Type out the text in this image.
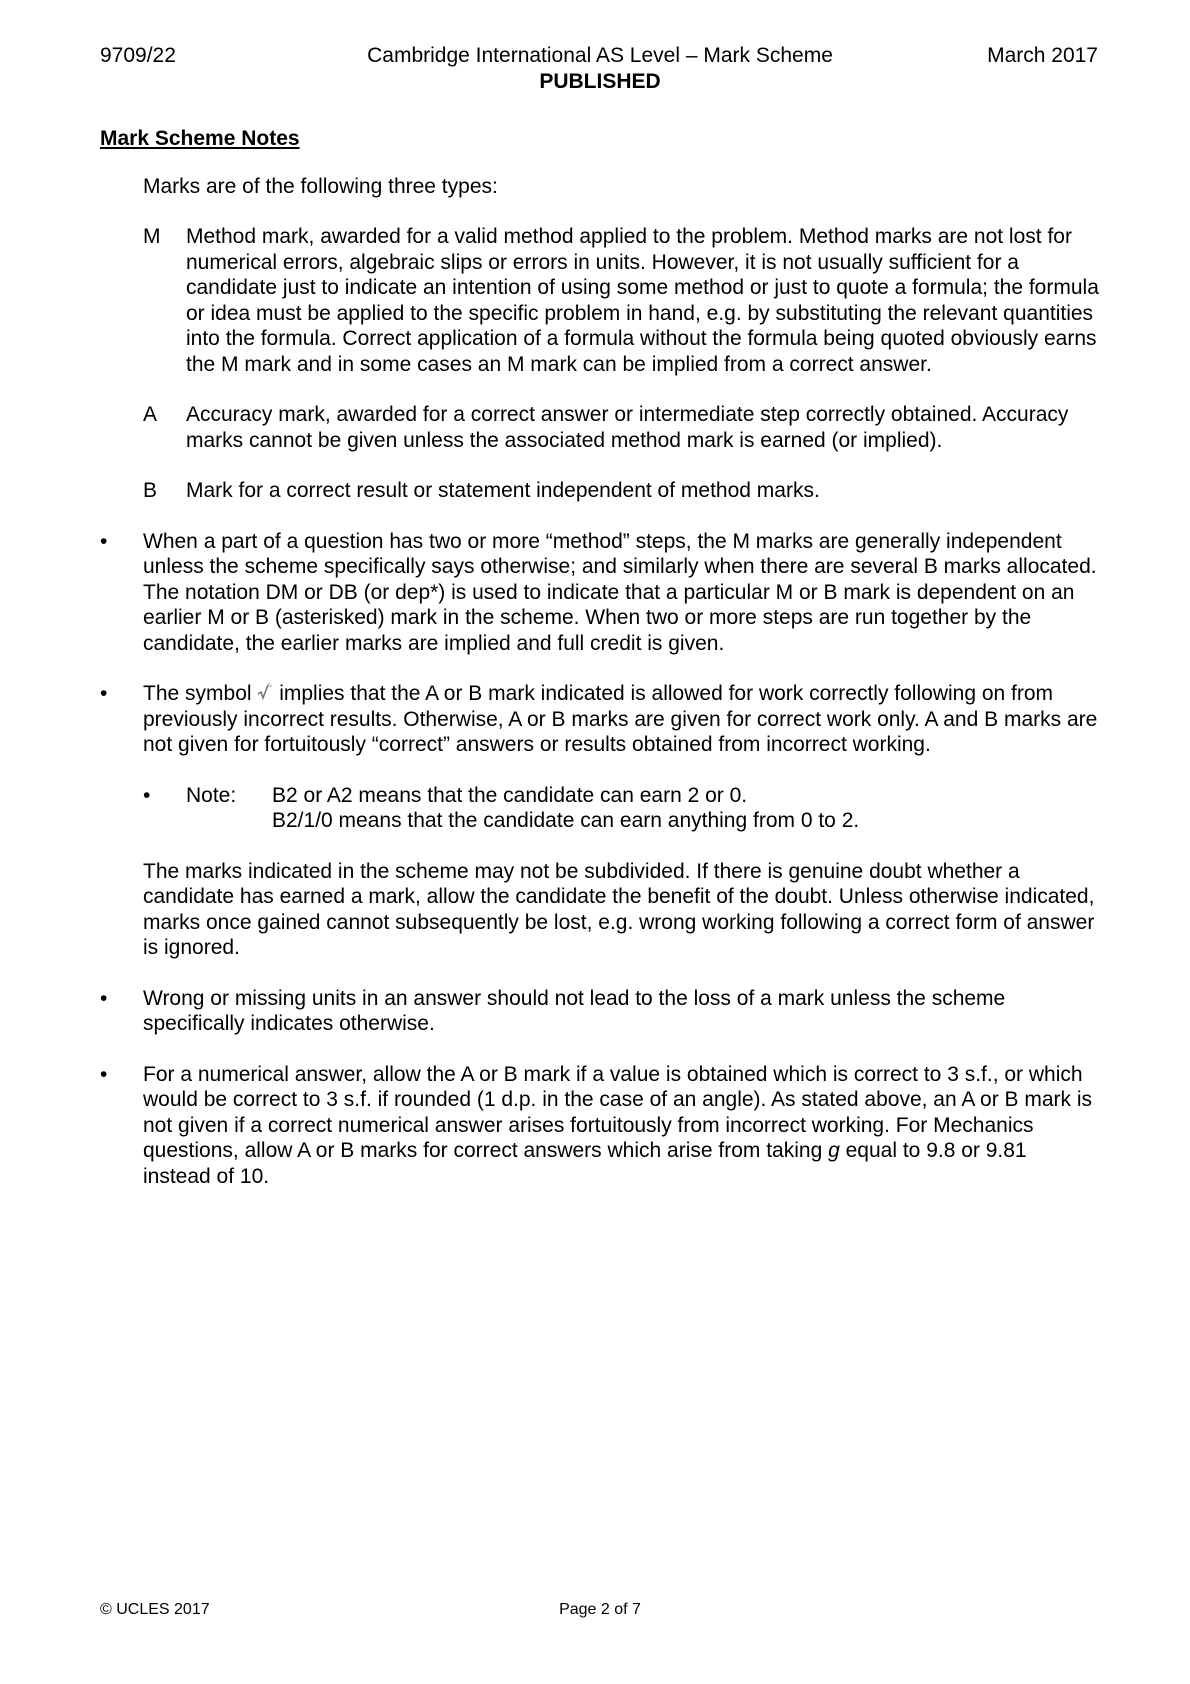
9709/22	Cambridge International AS Level – Mark Scheme	March 2017
PUBLISHED
Mark Scheme Notes
Marks are of the following three types:
M	Method mark, awarded for a valid method applied to the problem. Method marks are not lost for numerical errors, algebraic slips or errors in units. However, it is not usually sufficient for a candidate just to indicate an intention of using some method or just to quote a formula; the formula or idea must be applied to the specific problem in hand, e.g. by substituting the relevant quantities into the formula. Correct application of a formula without the formula being quoted obviously earns the M mark and in some cases an M mark can be implied from a correct answer.
A	Accuracy mark, awarded for a correct answer or intermediate step correctly obtained. Accuracy marks cannot be given unless the associated method mark is earned (or implied).
B	Mark for a correct result or statement independent of method marks.
•	When a part of a question has two or more “method” steps, the M marks are generally independent unless the scheme specifically says otherwise; and similarly when there are several B marks allocated. The notation DM or DB (or dep*) is used to indicate that a particular M or B mark is dependent on an earlier M or B (asterisked) mark in the scheme. When two or more steps are run together by the candidate, the earlier marks are implied and full credit is given.
•	The symbol  implies that the A or B mark indicated is allowed for work correctly following on from previously incorrect results. Otherwise, A or B marks are given for correct work only. A and B marks are not given for fortuitously “correct” answers or results obtained from incorrect working.
•	Note:	B2 or A2 means that the candidate can earn 2 or 0.
B2/1/0 means that the candidate can earn anything from 0 to 2.
The marks indicated in the scheme may not be subdivided. If there is genuine doubt whether a candidate has earned a mark, allow the candidate the benefit of the doubt. Unless otherwise indicated, marks once gained cannot subsequently be lost, e.g. wrong working following a correct form of answer is ignored.
•	Wrong or missing units in an answer should not lead to the loss of a mark unless the scheme specifically indicates otherwise.
•	For a numerical answer, allow the A or B mark if a value is obtained which is correct to 3 s.f., or which would be correct to 3 s.f. if rounded (1 d.p. in the case of an angle). As stated above, an A or B mark is not given if a correct numerical answer arises fortuitously from incorrect working. For Mechanics questions, allow A or B marks for correct answers which arise from taking g equal to 9.8 or 9.81 instead of 10.
© UCLES 2017	Page 2 of 7
